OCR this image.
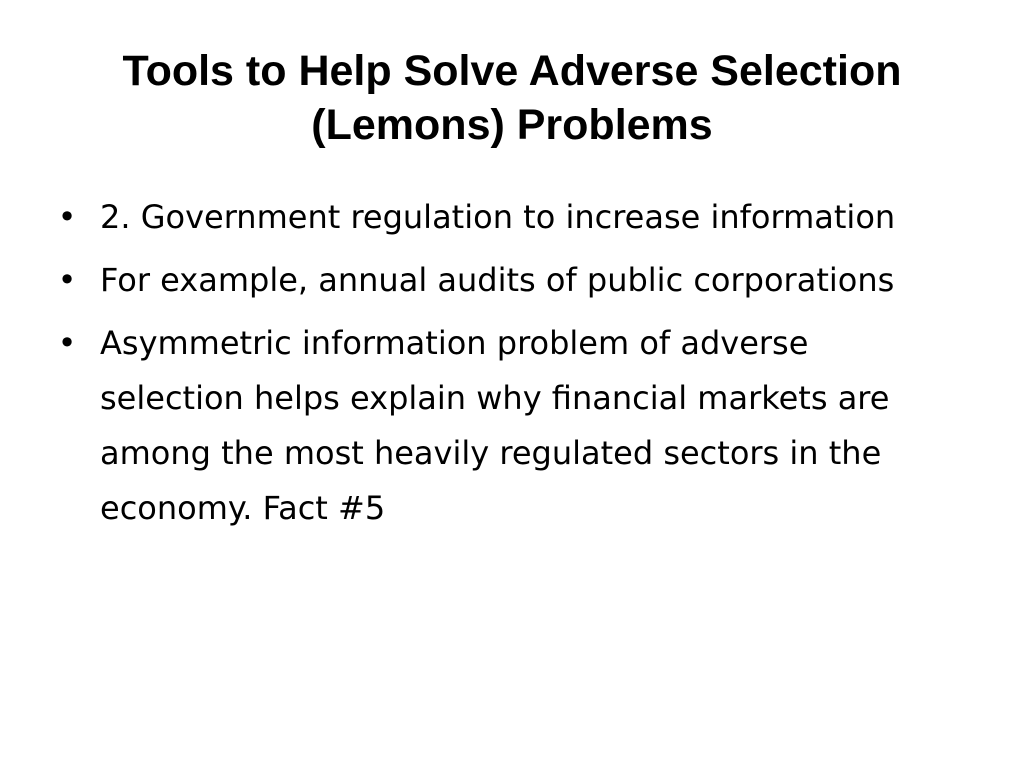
Tools to Help Solve Adverse Selection
(Lemons) Problems
• 2. Government regulation to increase information
• For example, annual audits of public corporations
• Asymmetric information problem of adverse selection helps explain why financial markets are among the most heavily regulated sectors in the economy. Fact #5
